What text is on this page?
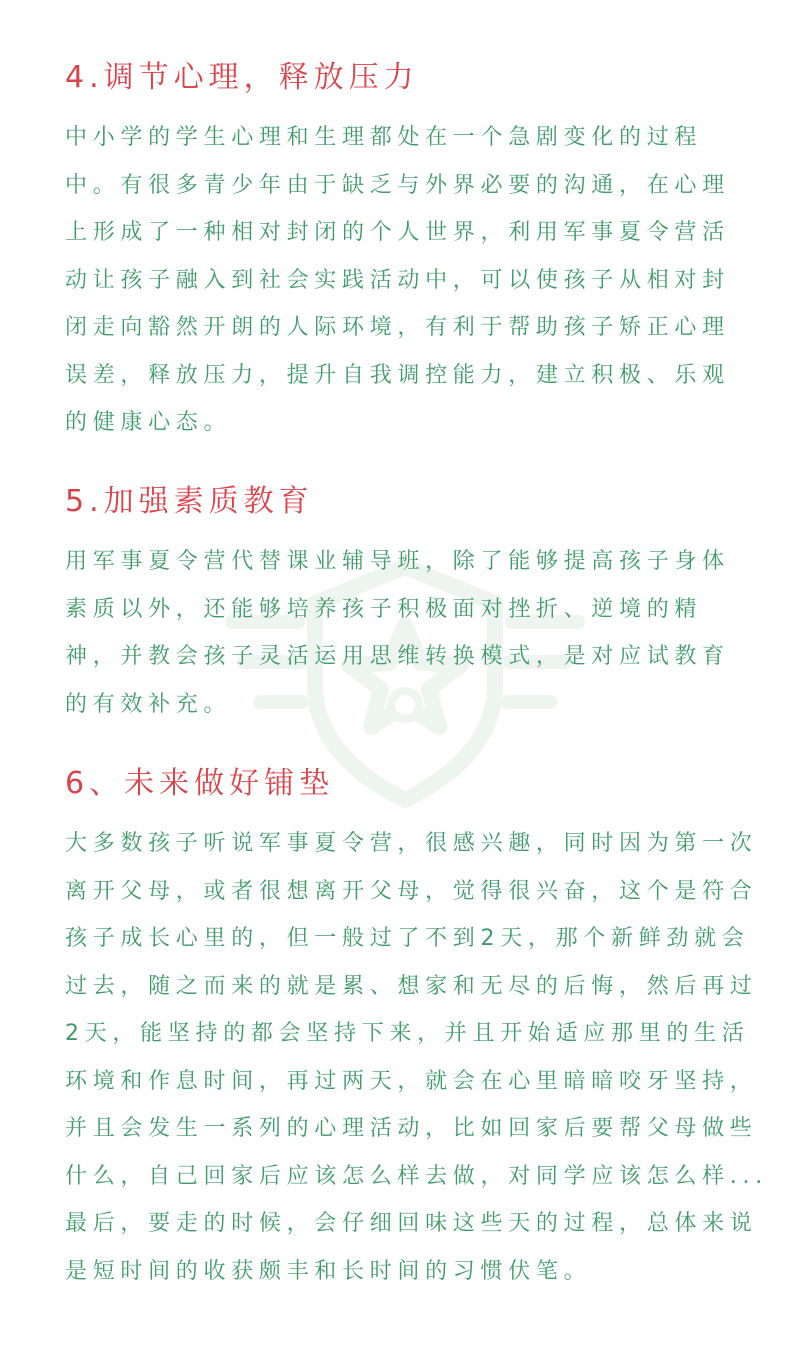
4.调节心理，释放压力
中小学的学生心理和生理都处在一个急剧变化的过程
中。有很多青少年由于缺乏与外界必要的沟通，在心理
上形成了一种相对封闭的个人世界，利用军事夏令营活
动让孩子融入到社会实践活动中，可以使孩子从相对封
闭走向豁然开朗的人际环境，有利于帮助孩子矫正心理
误差，释放压力，提升自我调控能力，建立积极、乐观
的健康心态。
5.加强素质教育
用军事夏令营代替课业辅导班，除了能够提高孩子身体
素质以外，还能够培养孩子积极面对挫折、逆境的精
神，并教会孩子灵活运用思维转换模式，是对应试教育
的有效补充。
6、未来做好铺垫
大多数孩子听说军事夏令营，很感兴趣，同时因为第一次
离开父母，或者很想离开父母，觉得很兴奋，这个是符合
孩子成长心里的，但一般过了不到2天，那个新鲜劲就会
过去，随之而来的就是累、想家和无尽的后悔，然后再过
2天，能坚持的都会坚持下来，并且开始适应那里的生活
环境和作息时间，再过两天，就会在心里暗暗咬牙坚持，
并且会发生一系列的心理活动，比如回家后要帮父母做些
什么，自己回家后应该怎么样去做，对同学应该怎么样...
最后，要走的时候，会仔细回味这些天的过程，总体来说
是短时间的收获颇丰和长时间的习惯伏笔。
